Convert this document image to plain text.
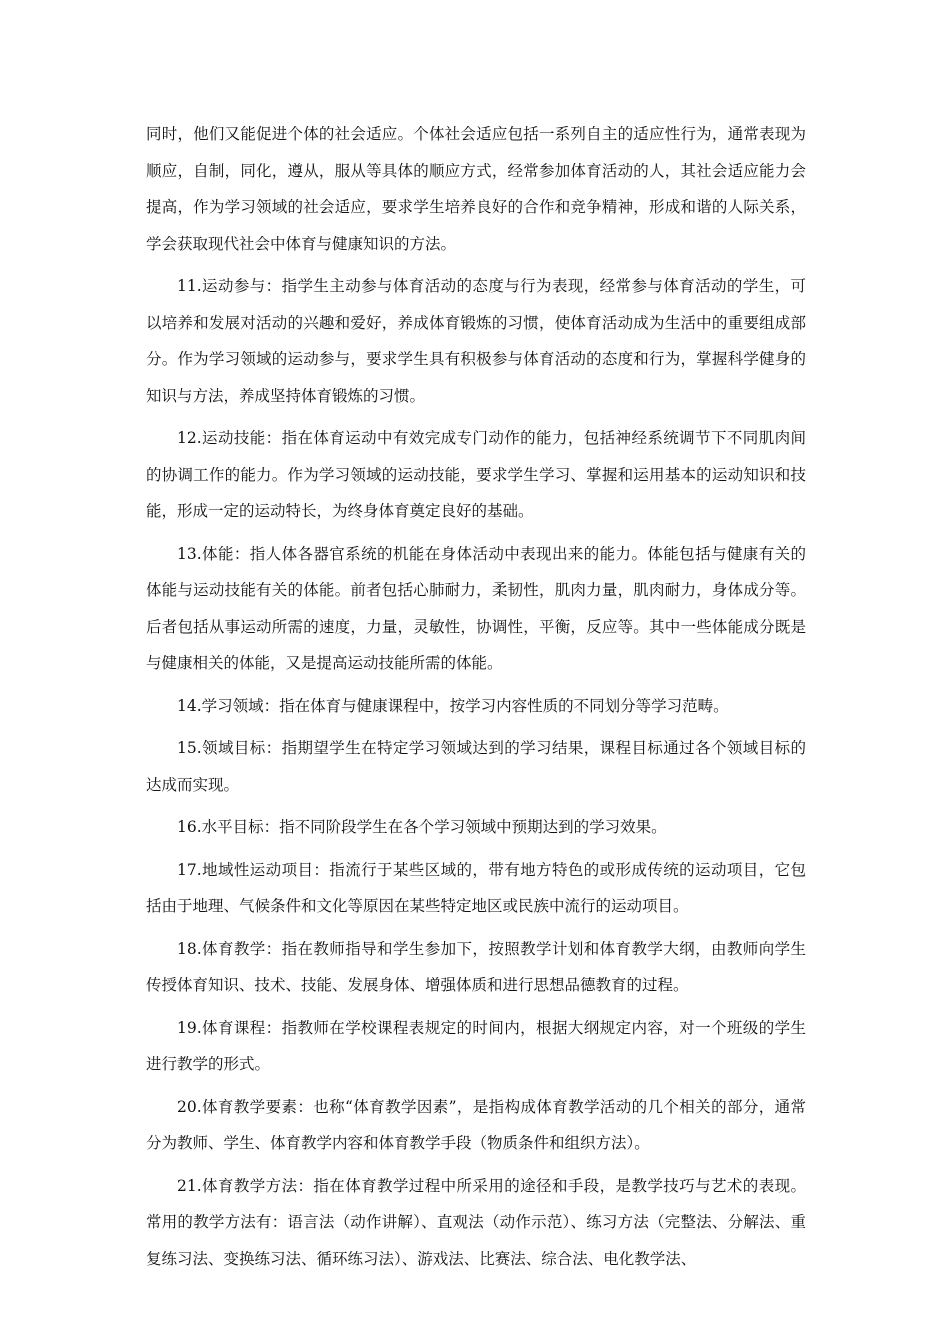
同时，他们又能促进个体的社会适应。个体社会适应包括一系列自主的适应性行为，通常表现为顺应，自制，同化，遵从，服从等具体的顺应方式，经常参加体育活动的人，其社会适应能力会提高，作为学习领域的社会适应，要求学生培养良好的合作和竞争精神，形成和谐的人际关系，学会获取现代社会中体育与健康知识的方法。

11.运动参与：指学生主动参与体育活动的态度与行为表现，经常参与体育活动的学生，可以培养和发展对活动的兴趣和爱好，养成体育锻炼的习惯，使体育活动成为生活中的重要组成部分。作为学习领域的运动参与，要求学生具有积极参与体育活动的态度和行为，掌握科学健身的知识与方法，养成坚持体育锻炼的习惯。

12.运动技能：指在体育运动中有效完成专门动作的能力，包括神经系统调节下不同肌肉间的协调工作的能力。作为学习领域的运动技能，要求学生学习、掌握和运用基本的运动知识和技能，形成一定的运动特长，为终身体育奠定良好的基础。

13.体能：指人体各器官系统的机能在身体活动中表现出来的能力。体能包括与健康有关的体能与运动技能有关的体能。前者包括心肺耐力，柔韧性，肌肉力量，肌肉耐力，身体成分等。后者包括从事运动所需的速度，力量，灵敏性，协调性，平衡，反应等。其中一些体能成分既是与健康相关的体能，又是提高运动技能所需的体能。

14.学习领域：指在体育与健康课程中，按学习内容性质的不同划分等学习范畴。

15.领域目标：指期望学生在特定学习领域达到的学习结果，课程目标通过各个领域目标的达成而实现。

16.水平目标：指不同阶段学生在各个学习领域中预期达到的学习效果。

17.地域性运动项目：指流行于某些区域的，带有地方特色的或形成传统的运动项目，它包括由于地理、气候条件和文化等原因在某些特定地区或民族中流行的运动项目。

18.体育教学：指在教师指导和学生参加下，按照教学计划和体育教学大纲，由教师向学生传授体育知识、技术、技能、发展身体、增强体质和进行思想品德教育的过程。

19.体育课程：指教师在学校课程表规定的时间内，根据大纲规定内容，对一个班级的学生进行教学的形式。

20.体育教学要素：也称“体育教学因素”，是指构成体育教学活动的几个相关的部分，通常分为教师、学生、体育教学内容和体育教学手段（物质条件和组织方法）。

21.体育教学方法：指在体育教学过程中所采用的途径和手段，是教学技巧与艺术的表现。常用的教学方法有：语言法（动作讲解）、直观法（动作示范）、练习方法（完整法、分解法、重复练习法、变换练习法、循环练习法）、游戏法、比赛法、综合法、电化教学法、
